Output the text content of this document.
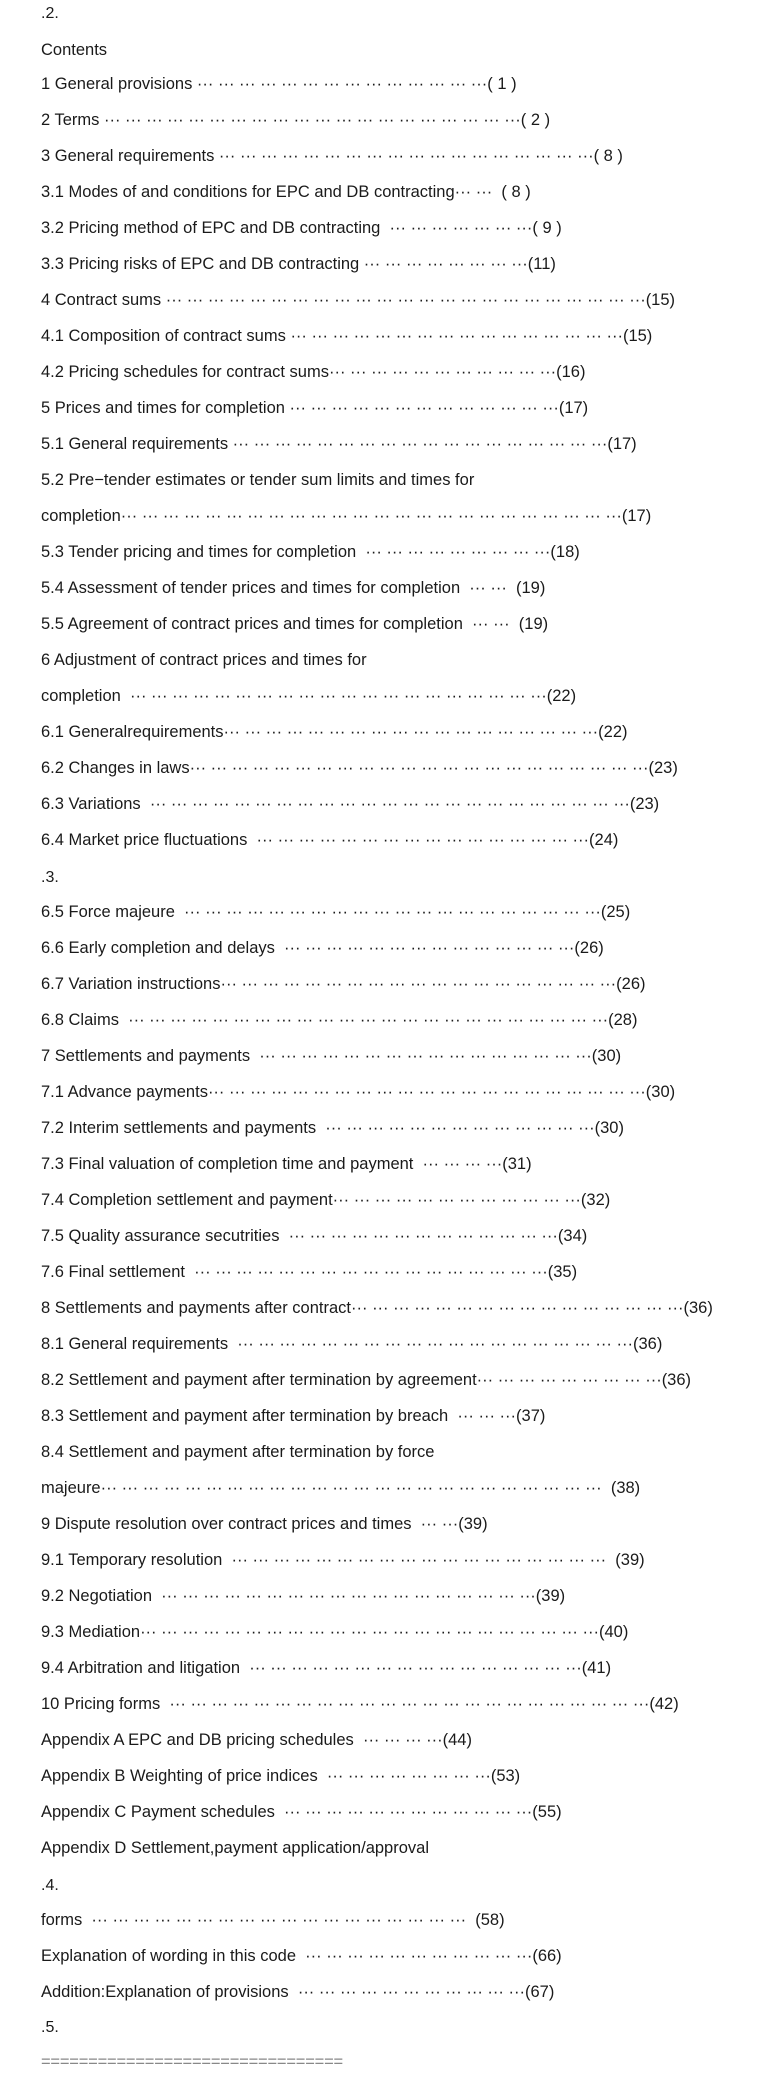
.2.
Contents
1 General provisions ··· ··· ··· ··· ··· ··· ··· ··· ··· ··· ··· ··· ··· ···( 1 )
2 Terms ··· ··· ··· ··· ··· ··· ··· ··· ··· ··· ··· ··· ··· ··· ··· ··· ··· ··· ··· ···( 2 )
3 General requirements ··· ··· ··· ··· ··· ··· ··· ··· ··· ··· ··· ··· ··· ··· ··· ··· ··· ···( 8 )
3.1 Modes of and conditions for EPC and DB contracting··· ···  ( 8 )
3.2 Pricing method of EPC and DB contracting  ··· ··· ··· ··· ··· ··· ···( 9 )
3.3 Pricing risks of EPC and DB contracting ··· ··· ··· ··· ··· ··· ··· ···(11)
4 Contract sums ··· ··· ··· ··· ··· ··· ··· ··· ··· ··· ··· ··· ··· ··· ··· ··· ··· ··· ··· ··· ··· ··· ···(15)
4.1 Composition of contract sums ··· ··· ··· ··· ··· ··· ··· ··· ··· ··· ··· ··· ··· ··· ··· ···(15)
4.2 Pricing schedules for contract sums··· ··· ··· ··· ··· ··· ··· ··· ··· ··· ···(16)
5 Prices and times for completion ··· ··· ··· ··· ··· ··· ··· ··· ··· ··· ··· ··· ···(17)
5.1 General requirements ··· ··· ··· ··· ··· ··· ··· ··· ··· ··· ··· ··· ··· ··· ··· ··· ··· ···(17)
5.2 Pre−tender estimates or tender sum limits and times for
completion··· ··· ··· ··· ··· ··· ··· ··· ··· ··· ··· ··· ··· ··· ··· ··· ··· ··· ··· ··· ··· ··· ··· ···(17)
5.3 Tender pricing and times for completion  ··· ··· ··· ··· ··· ··· ··· ··· ···(18)
5.4 Assessment of tender prices and times for completion  ··· ···  (19)
5.5 Agreement of contract prices and times for completion  ··· ···  (19)
6 Adjustment of contract prices and times for
completion  ··· ··· ··· ··· ··· ··· ··· ··· ··· ··· ··· ··· ··· ··· ··· ··· ··· ··· ··· ···(22)
6.1 Generalrequirements··· ··· ··· ··· ··· ··· ··· ··· ··· ··· ··· ··· ··· ··· ··· ··· ··· ···(22)
6.2 Changes in laws··· ··· ··· ··· ··· ··· ··· ··· ··· ··· ··· ··· ··· ··· ··· ··· ··· ··· ··· ··· ··· ···(23)
6.3 Variations  ··· ··· ··· ··· ··· ··· ··· ··· ··· ··· ··· ··· ··· ··· ··· ··· ··· ··· ··· ··· ··· ··· ···(23)
6.4 Market price fluctuations  ··· ··· ··· ··· ··· ··· ··· ··· ··· ··· ··· ··· ··· ··· ··· ···(24)
.3.
6.5 Force majeure  ··· ··· ··· ··· ··· ··· ··· ··· ··· ··· ··· ··· ··· ··· ··· ··· ··· ··· ··· ···(25)
6.6 Early completion and delays  ··· ··· ··· ··· ··· ··· ··· ··· ··· ··· ··· ··· ··· ···(26)
6.7 Variation instructions··· ··· ··· ··· ··· ··· ··· ··· ··· ··· ··· ··· ··· ··· ··· ··· ··· ··· ···(26)
6.8 Claims  ··· ··· ··· ··· ··· ··· ··· ··· ··· ··· ··· ··· ··· ··· ··· ··· ··· ··· ··· ··· ··· ··· ···(28)
7 Settlements and payments  ··· ··· ··· ··· ··· ··· ··· ··· ··· ··· ··· ··· ··· ··· ··· ···(30)
7.1 Advance payments··· ··· ··· ··· ··· ··· ··· ··· ··· ··· ··· ··· ··· ··· ··· ··· ··· ··· ··· ··· ···(30)
7.2 Interim settlements and payments  ··· ··· ··· ··· ··· ··· ··· ··· ··· ··· ··· ··· ···(30)
7.3 Final valuation of completion time and payment  ··· ··· ··· ···(31)
7.4 Completion settlement and payment··· ··· ··· ··· ··· ··· ··· ··· ··· ··· ··· ···(32)
7.5 Quality assurance secutrities  ··· ··· ··· ··· ··· ··· ··· ··· ··· ··· ··· ··· ···(34)
7.6 Final settlement  ··· ··· ··· ··· ··· ··· ··· ··· ··· ··· ··· ··· ··· ··· ··· ··· ···(35)
8 Settlements and payments after contract··· ··· ··· ··· ··· ··· ··· ··· ··· ··· ··· ··· ··· ··· ··· ···(36)
8.1 General requirements  ··· ··· ··· ··· ··· ··· ··· ··· ··· ··· ··· ··· ··· ··· ··· ··· ··· ··· ···(36)
8.2 Settlement and payment after termination by agreement··· ··· ··· ··· ··· ··· ··· ··· ···(36)
8.3 Settlement and payment after termination by breach  ··· ··· ···(37)
8.4 Settlement and payment after termination by force
majeure··· ··· ··· ··· ··· ··· ··· ··· ··· ··· ··· ··· ··· ··· ··· ··· ··· ··· ··· ··· ··· ··· ··· ···  (38)
9 Dispute resolution over contract prices and times  ··· ···(39)
9.1 Temporary resolution  ··· ··· ··· ··· ··· ··· ··· ··· ··· ··· ··· ··· ··· ··· ··· ··· ··· ···  (39)
9.2 Negotiation  ··· ··· ··· ··· ··· ··· ··· ··· ··· ··· ··· ··· ··· ··· ··· ··· ··· ···(39)
9.3 Mediation··· ··· ··· ··· ··· ··· ··· ··· ··· ··· ··· ··· ··· ··· ··· ··· ··· ··· ··· ··· ··· ···(40)
9.4 Arbitration and litigation  ··· ··· ··· ··· ··· ··· ··· ··· ··· ··· ··· ··· ··· ··· ··· ···(41)
10 Pricing forms  ··· ··· ··· ··· ··· ··· ··· ··· ··· ··· ··· ··· ··· ··· ··· ··· ··· ··· ··· ··· ··· ··· ···(42)
Appendix A EPC and DB pricing schedules  ··· ··· ··· ···(44)
Appendix B Weighting of price indices  ··· ··· ··· ··· ··· ··· ··· ···(53)
Appendix C Payment schedules  ··· ··· ··· ··· ··· ··· ··· ··· ··· ··· ··· ···(55)
Appendix D Settlement,payment application/approval
.4.
forms  ··· ··· ··· ··· ··· ··· ··· ··· ··· ··· ··· ··· ··· ··· ··· ··· ··· ···  (58)
Explanation of wording in this code  ··· ··· ··· ··· ··· ··· ··· ··· ··· ··· ···(66)
Addition:Explanation of provisions  ··· ··· ··· ··· ··· ··· ··· ··· ··· ··· ···(67)
.5.
================================
